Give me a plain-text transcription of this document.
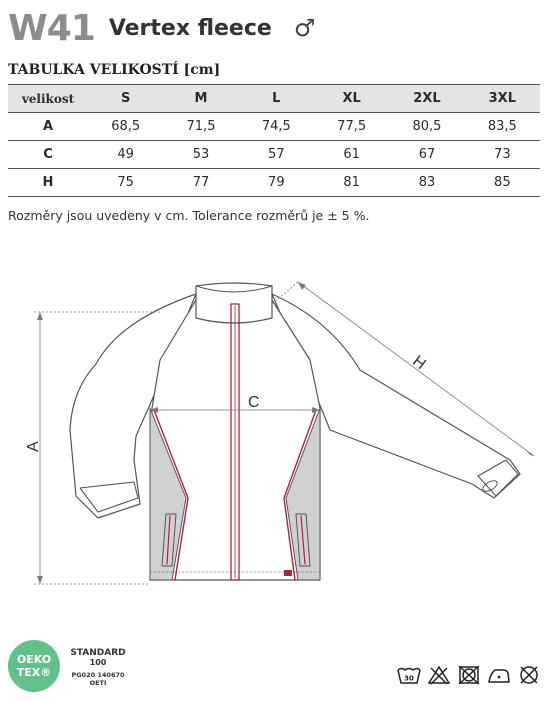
W41 Vertex fleece ♂
TABULKA VELIKOSTÍ [cm]
velikost	S	M	L	XL	2XL	3XL
A	68,5	71,5	74,5	77,5	80,5	83,5
C	49	53	57	61	67	73
H	75	77	79	81	83	85
Rozměry jsou uvedeny v cm. Tolerance rozměrů je ± 5 %.
A
C
H
OEKO
TEX®
STANDARD
100
PG020 140670
OETI
30
